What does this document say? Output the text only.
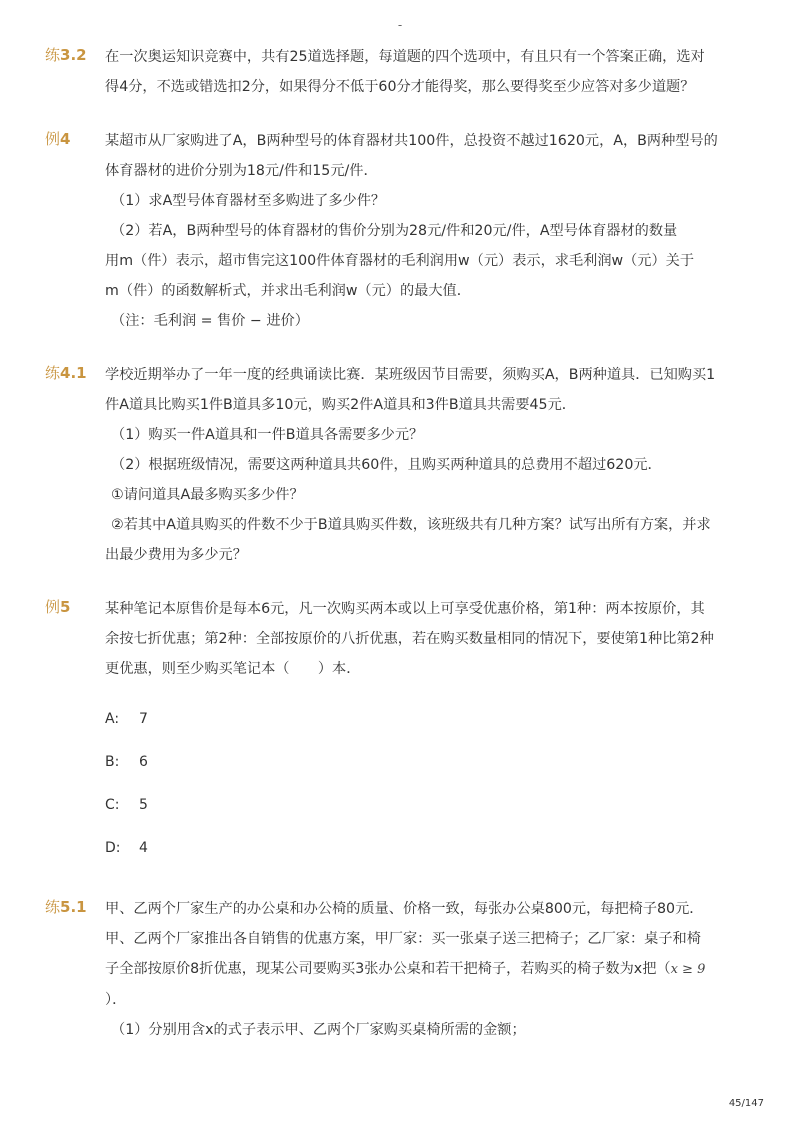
-
练3.2	在一次奥运知识竞赛中，共有25道选择题，每道题的四个选项中，有且只有一个答案正确，选对
得4分，不选或错选扣2分，如果得分不低于60分才能得奖，那么要得奖至少应答对多少道题？
例4	某超市从厂家购进了A，B两种型号的体育器材共100件，总投资不越过1620元，A，B两种型号的
体育器材的进价分别为18元/件和15元/件．
（1）求A型号体育器材至多购进了多少件？
（2）若A，B两种型号的体育器材的售价分别为28元/件和20元/件，A型号体育器材的数量
用m（件）表示，超市售完这100件体育器材的毛利润用w（元）表示，求毛利润w（元）关于
m（件）的函数解析式，并求出毛利润w（元）的最大值．
（注：毛利润 = 售价 − 进价）
练4.1	学校近期举办了一年一度的经典诵读比赛．某班级因节目需要，须购买A，B两种道具．已知购买1
件A道具比购买1件B道具多10元，购买2件A道具和3件B道具共需要45元．
（1）购买一件A道具和一件B道具各需要多少元？
（2）根据班级情况，需要这两种道具共60件，且购买两种道具的总费用不超过620元．
①请问道具A最多购买多少件？
②若其中A道具购买的件数不少于B道具购买件数，该班级共有几种方案？试写出所有方案，并求
出最少费用为多少元？
例5	某种笔记本原售价是每本6元，凡一次购买两本或以上可享受优惠价格，第1种：两本按原价，其
余按七折优惠；第2种：全部按原价的八折优惠，若在购买数量相同的情况下，要使第1种比第2种
更优惠，则至少购买笔记本（　　）本．
A: 7
B: 6
C: 5
D: 4
练5.1	甲、乙两个厂家生产的办公桌和办公椅的质量、价格一致，每张办公桌800元，每把椅子80元．
甲、乙两个厂家推出各自销售的优惠方案，甲厂家：买一张桌子送三把椅子；乙厂家：桌子和椅
子全部按原价8折优惠，现某公司要购买3张办公桌和若干把椅子，若购买的椅子数为x把（x ≥ 9
）．
（1）分别用含x的式子表示甲、乙两个厂家购买桌椅所需的金额；
45/147
